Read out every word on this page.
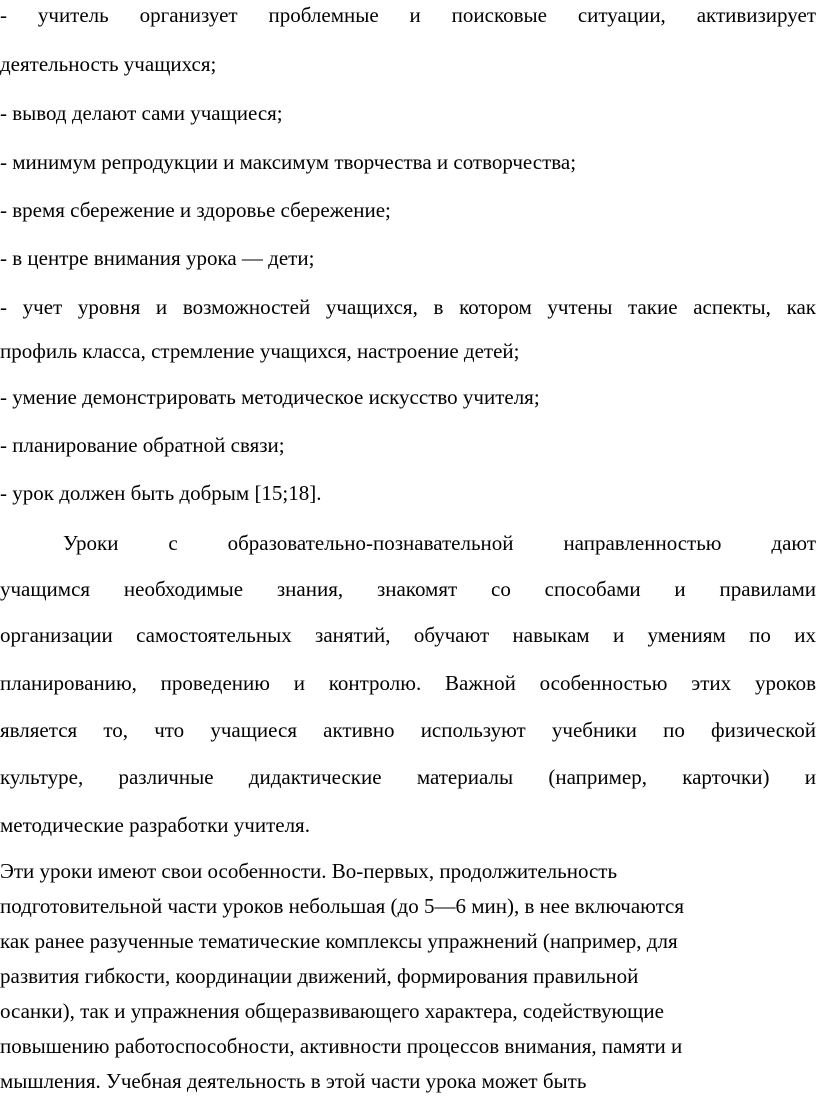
- учитель организует проблемные и поисковые ситуации, активизирует
деятельность учащихся;
- вывод делают сами учащиеся;
- минимум репродукции и максимум творчества и сотворчества;
- время сбережение и здоровье сбережение;
- в центре внимания урока — дети;
- учет уровня и возможностей учащихся, в котором учтены такие аспекты, как
профиль класса, стремление учащихся, настроение детей;
- умение демонстрировать методическое искусство учителя;
- планирование обратной связи;
- урок должен быть добрым [15;18].
Уроки с образовательно-познавательной направленностью дают
учащимся необходимые знания, знакомят со способами и правилами
организации самостоятельных занятий, обучают навыкам и умениям по их
планированию, проведению и контролю. Важной особенностью этих уроков
является то, что учащиеся активно используют учебники по физической
культуре, различные дидактические материалы (например, карточки) и
методические разработки учителя.
Эти уроки имеют свои особенности. Во-первых, продолжительность
подготовительной части уроков небольшая (до 5—6 мин), в нее включаются
как ранее разученные тематические комплексы упражнений (например, для
развития гибкости, координации движений, формирования правильной
осанки), так и упражнения общеразвивающего характера, содействующие
повышению работоспособности, активности процессов внимания, памяти и
мышления. Учебная деятельность в этой части урока может быть
